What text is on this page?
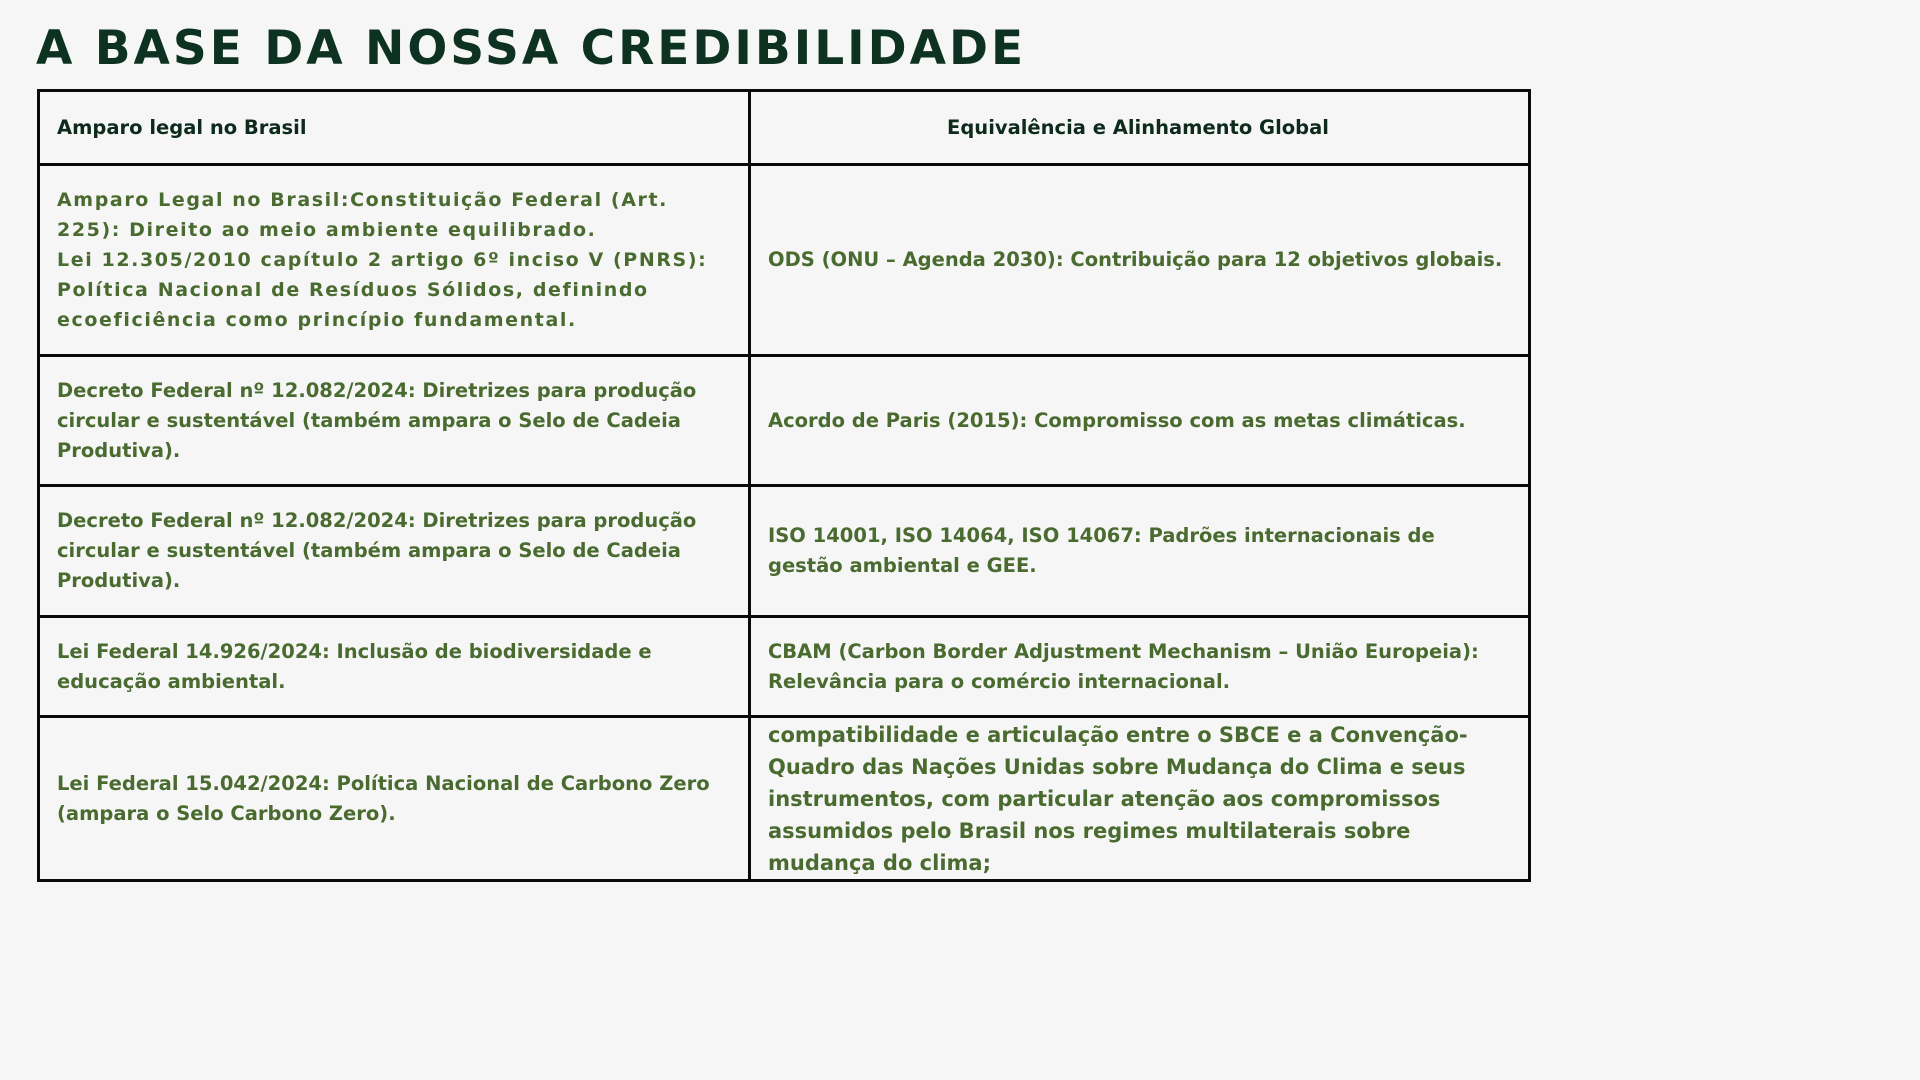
A BASE DA NOSSA CREDIBILIDADE
Amparo legal no Brasil	Equivalência e Alinhamento Global
Amparo Legal no Brasil:Constituição Federal (Art. 225): Direito ao meio ambiente equilibrado.
Lei 12.305/2010 capítulo 2 artigo 6º inciso V (PNRS): Política Nacional de Resíduos Sólidos, definindo ecoeficiência como princípio fundamental.
ODS (ONU – Agenda 2030): Contribuição para 12 objetivos globais.
Decreto Federal nº 12.082/2024: Diretrizes para produção circular e sustentável (também ampara o Selo de Cadeia Produtiva).
Acordo de Paris (2015): Compromisso com as metas climáticas.
Decreto Federal nº 12.082/2024: Diretrizes para produção circular e sustentável (também ampara o Selo de Cadeia Produtiva).
ISO 14001, ISO 14064, ISO 14067: Padrões internacionais de gestão ambiental e GEE.
Lei Federal 14.926/2024: Inclusão de biodiversidade e educação ambiental.
CBAM (Carbon Border Adjustment Mechanism – União Europeia): Relevância para o comércio internacional.
Lei Federal 15.042/2024: Política Nacional de Carbono Zero (ampara o Selo Carbono Zero).
compatibilidade e articulação entre o SBCE e a Convenção-Quadro das Nações Unidas sobre Mudança do Clima e seus instrumentos, com particular atenção aos compromissos assumidos pelo Brasil nos regimes multilaterais sobre mudança do clima;
